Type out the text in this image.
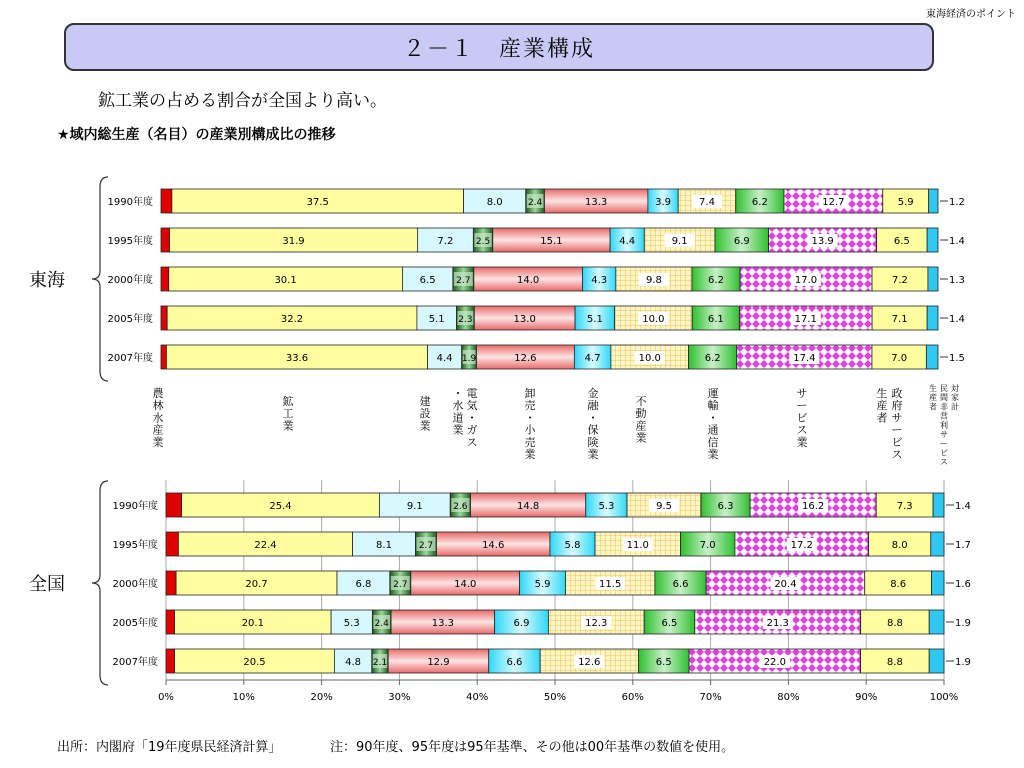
東海経済のポイント
２－１　産業構成
鉱工業の占める割合が全国より高い。
★域内総生産（名目）の産業別構成比の推移
農林水産業
鉱工業
建設業
電気・ガス
・水道業
卸売・小売業
金融・保険業
不動産業
運輸・通信業
サービス業
政府サービス
生産者
対家計
民間非営利サービス
生産者
東海
1990年度	37.5	8.0	2.4	13.3	3.9	7.4	6.2	12.7	5.9	1.2
1995年度	31.9	7.2	2.5	15.1	4.4	9.1	6.9	13.9	6.5	1.4
2000年度	30.1	6.5 2.7	14.0	4.3	9.8	6.2	17.0	7.2	1.3
2005年度	32.2	5.1 2.3	13.0	5.1	10.0	6.1	17.1	7.1	1.4
2007年度	33.6	4.4 1.9	12.6	4.7	10.0	6.2	17.4	7.0	1.5
0%	10%	20%	30%	40%	50%	60%	70%	80%	90%	100%
全国
1990年度	25.4	9.1	2.6	14.8	5.3	9.5	6.3	16.2	7.3	1.4
1995年度	22.4	8.1	2.7	14.6	5.8	11.0	7.0	17.2	8.0	1.7
2000年度	20.7	6.8 2.7	14.0	5.9	11.5	6.6	20.4	8.6	1.6
2005年度	20.1	5.3 2.4	13.3	6.9	12.3	6.5	21.3	8.8	1.9
2007年度	20.5	4.8 2.1	12.9	6.6	12.6	6.5	22.0	8.8	1.9
出所：内閣府「19年度県民経済計算」	注：90年度、95年度は95年基準、その他は00年基準の数値を使用。
